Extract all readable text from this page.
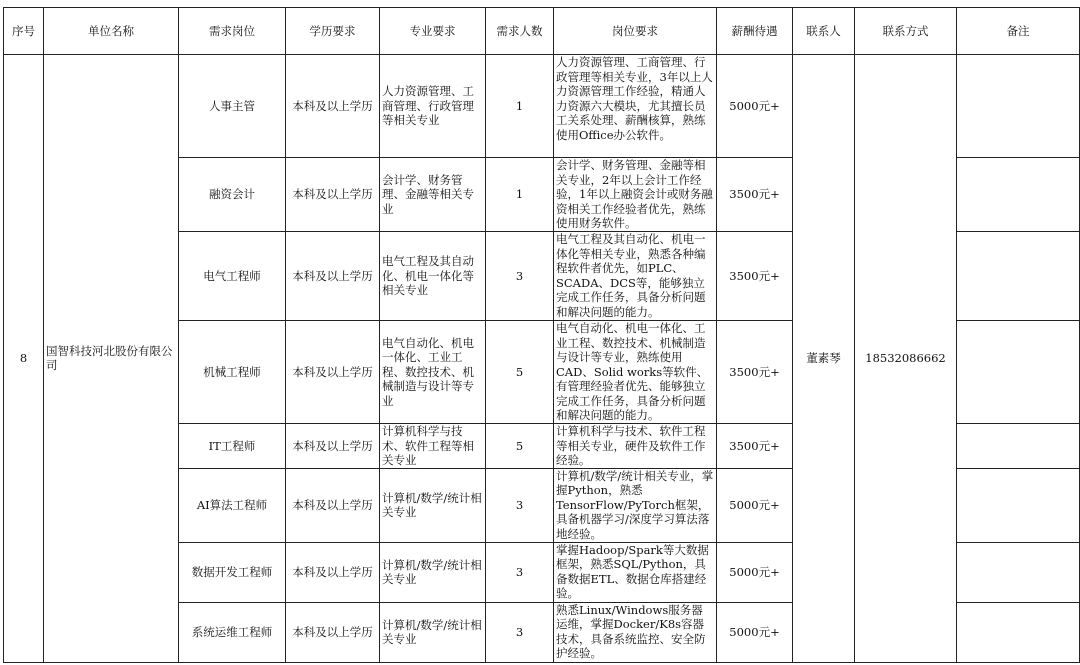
序号	单位名称	需求岗位	学历要求	专业要求	需求人数	岗位要求	薪酬待遇	联系人	联系方式	备注
8	国智科技河北股份有限公司	人事主管	本科及以上学历	人力资源管理、工商管理、行政管理等相关专业	1	人力资源管理、工商管理、行政管理等相关专业，3年以上人力资源管理工作经验，精通人力资源六大模块，尤其擅长员工关系处理、薪酬核算，熟练使用Office办公软件。	5000元+	董素琴	18532086662	
		融资会计	本科及以上学历	会计学、财务管理、金融等相关专业	1	会计学、财务管理、金融等相关专业，2年以上会计工作经验，1年以上融资会计或财务融资相关工作经验者优先，熟练使用财务软件。	3500元+			
		电气工程师	本科及以上学历	电气工程及其自动化、机电一体化等相关专业	3	电气工程及其自动化、机电一体化等相关专业，熟悉各种编程软件者优先，如PLC、SCADA、DCS等，能够独立完成工作任务，具备分析问题和解决问题的能力。	3500元+			
		机械工程师	本科及以上学历	电气自动化、机电一体化、工业工程、数控技术、机械制造与设计等专业	5	电气自动化、机电一体化、工业工程、数控技术、机械制造与设计等专业，熟练使用CAD、Solid works等软件、有管理经验者优先、能够独立完成工作任务，具备分析问题和解决问题的能力。	3500元+			
		IT工程师	本科及以上学历	计算机科学与技术、软件工程等相关专业	5	计算机科学与技术、软件工程等相关专业，硬件及软件工作经验。	3500元+			
		AI算法工程师	本科及以上学历	计算机/数学/统计相关专业	3	计算机/数学/统计相关专业，掌握Python，熟悉TensorFlow/PyTorch框架，具备机器学习/深度学习算法落地经验。	5000元+			
		数据开发工程师	本科及以上学历	计算机/数学/统计相关专业	3	掌握Hadoop/Spark等大数据框架，熟悉SQL/Python，具备数据ETL、数据仓库搭建经验。	5000元+			
		系统运维工程师	本科及以上学历	计算机/数学/统计相关专业	3	熟悉Linux/Windows服务器运维，掌握Docker/K8s容器技术，具备系统监控、安全防护经验。	5000元+			
